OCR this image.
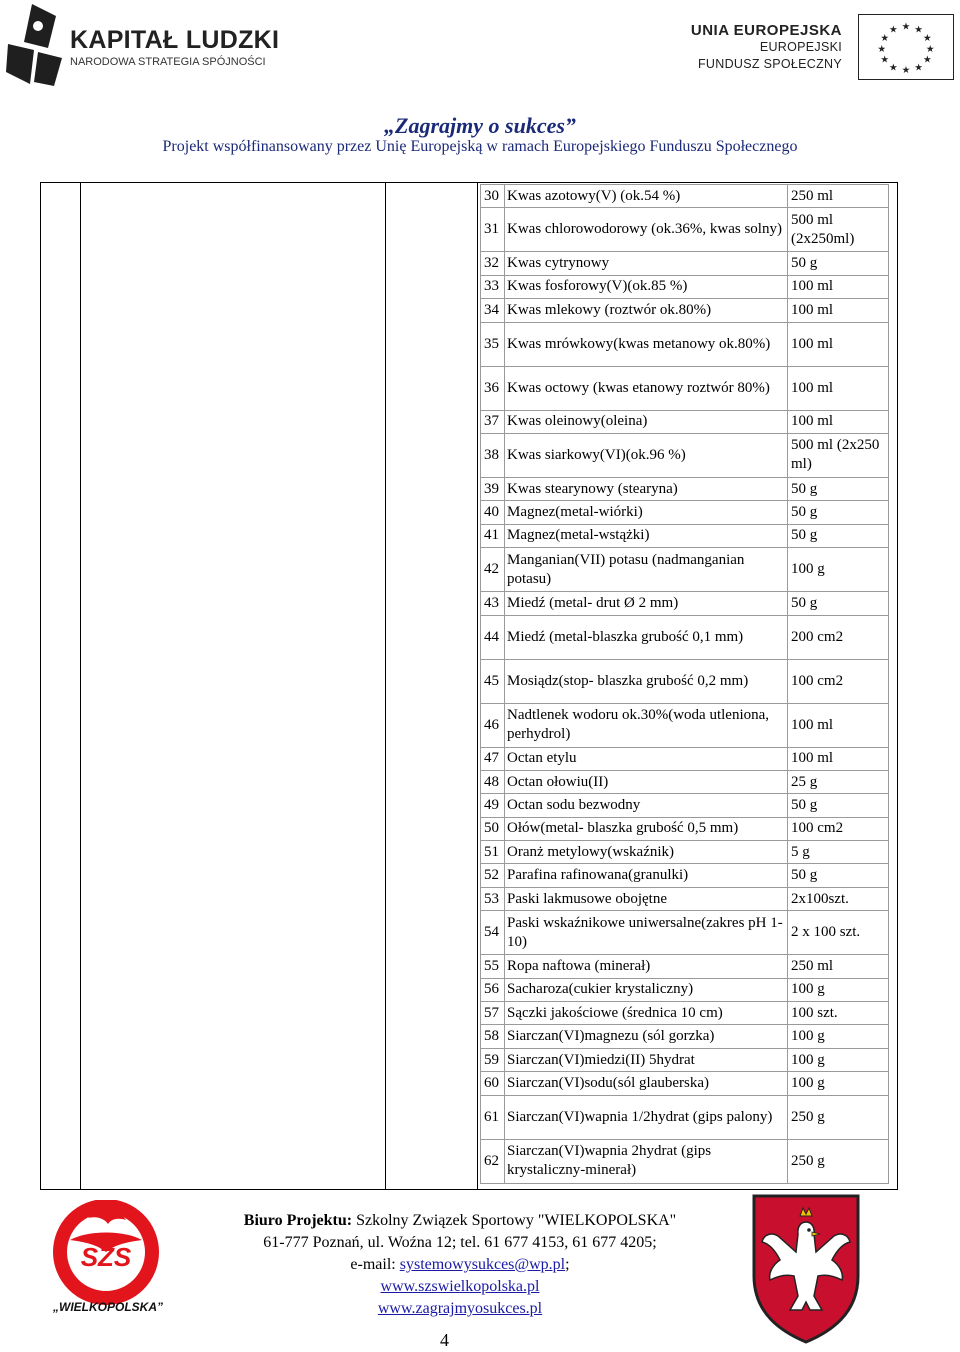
KAPITAŁ LUDZKI
NARODOWA STRATEGIA SPÓJNOŚCI
UNIA EUROPEJSKA
EUROPEJSKI
FUNDUSZ SPOŁECZNY
★ ★
★
★
★
★
★
★
★
★
★
★
„Zagrajmy o sukces”
Projekt współfinansowany przez Unię Europejską w ramach Europejskiego Funduszu Społecznego
30	Kwas azotowy(V) (ok.54 %)	250 ml
31	Kwas chlorowodorowy (ok.36%, kwas solny)	500 ml (2x250ml)
32	Kwas cytrynowy	50 g
33	Kwas fosforowy(V)(ok.85 %)	100 ml
34	Kwas mlekowy (roztwór ok.80%)	100 ml
35	Kwas mrówkowy(kwas metanowy ok.80%)	100 ml
36	Kwas octowy (kwas etanowy roztwór 80%)	100 ml
37	Kwas oleinowy(oleina)	100 ml
38	Kwas siarkowy(VI)(ok.96 %)	500 ml (2x250 ml)
39	Kwas stearynowy (stearyna)	50 g
40	Magnez(metal-wiórki)	50 g
41	Magnez(metal-wstążki)	50 g
42	Manganian(VII) potasu (nadmanganian potasu)	100 g
43	Miedź (metal- drut Ø 2 mm)	50 g
44	Miedź (metal-blaszka grubość 0,1 mm)	200 cm2
45	Mosiądz(stop- blaszka grubość 0,2 mm)	100 cm2
46	Nadtlenek wodoru ok.30%(woda utleniona, perhydrol)	100 ml
47	Octan etylu	100 ml
48	Octan ołowiu(II)	25 g
49	Octan sodu bezwodny	50 g
50	Ołów(metal- blaszka grubość 0,5 mm)	100 cm2
51	Oranż metylowy(wskaźnik)	5 g
52	Parafina rafinowana(granulki)	50 g
53	Paski lakmusowe obojętne	2x100szt.
54	Paski wskaźnikowe uniwersalne(zakres pH 1-10)	2 x 100 szt.
55	Ropa naftowa (minerał)	250 ml
56	Sacharoza(cukier krystaliczny)	100 g
57	Sączki jakościowe (średnica 10 cm)	100 szt.
58	Siarczan(VI)magnezu (sól gorzka)	100 g
59	Siarczan(VI)miedzi(II) 5hydrat	100 g
60	Siarczan(VI)sodu(sól glauberska)	100 g
61	Siarczan(VI)wapnia 1/2hydrat (gips palony)	250 g
62	Siarczan(VI)wapnia 2hydrat (gips krystaliczny-minerał)	250 g
SZS
„WIELKOPOLSKA”
Biuro Projektu: Szkolny Związek Sportowy "WIELKOPOLSKA"
61-777 Poznań, ul. Woźna 12; tel. 61 677 4153, 61 677 4205;
e-mail: systemowysukces@wp.pl;
www.szswielkopolska.pl
www.zagrajmyosukces.pl
4
